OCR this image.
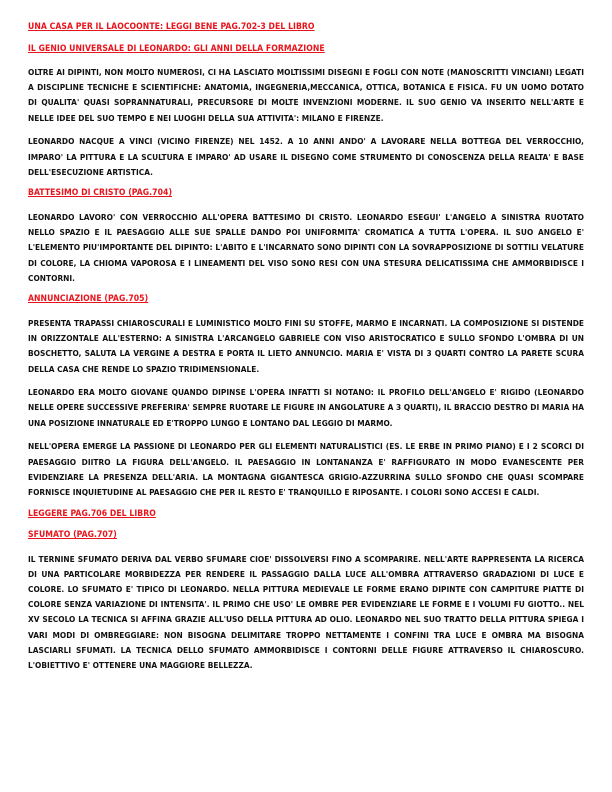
UNA CASA PER IL LAOCOONTE: LEGGI BENE PAG.702-3 DEL LIBRO
IL GENIO UNIVERSALE DI LEONARDO: GLI ANNI DELLA FORMAZIONE

OLTRE AI DIPINTI, NON MOLTO NUMEROSI, CI HA LASCIATO MOLTISSIMI DISEGNI E FOGLI CON NOTE (MANOSCRITTI VINCIANI) LEGATI A DISCIPLINE TECNICHE E SCIENTIFICHE: ANATOMIA, INGEGNERIA,MECCANICA, OTTICA, BOTANICA E FISICA. FU UN UOMO DOTATO DI QUALITA' QUASI SOPRANNATURALI, PRECURSORE DI MOLTE INVENZIONI MODERNE. IL SUO GENIO VA INSERITO NELL'ARTE E NELLE IDEE DEL SUO TEMPO E NEI LUOGHI DELLA SUA ATTIVITA': MILANO E FIRENZE.

LEONARDO NACQUE A VINCI (VICINO FIRENZE) NEL 1452. A 10 ANNI ANDO' A LAVORARE NELLA BOTTEGA DEL VERROCCHIO, IMPARO' LA PITTURA E LA SCULTURA E IMPARO' AD USARE IL DISEGNO COME STRUMENTO DI CONOSCENZA DELLA REALTA' E BASE DELL'ESECUZIONE ARTISTICA.

BATTESIMO DI CRISTO (PAG.704)

LEONARDO LAVORO' CON VERROCCHIO ALL'OPERA BATTESIMO DI CRISTO. LEONARDO ESEGUI' L'ANGELO A SINISTRA RUOTATO NELLO SPAZIO E IL PAESAGGIO ALLE SUE SPALLE DANDO POI UNIFORMITA' CROMATICA A TUTTA L'OPERA. IL SUO ANGELO E' L'ELEMENTO PIU'IMPORTANTE DEL DIPINTO: L'ABITO E L'INCARNATO SONO DIPINTI CON LA SOVRAPPOSIZIONE DI SOTTILI VELATURE DI COLORE, LA CHIOMA VAPOROSA E I LINEAMENTI DEL VISO SONO RESI CON UNA STESURA DELICATISSIMA CHE AMMORBIDISCE I CONTORNI.

ANNUNCIAZIONE (PAG.705)

PRESENTA TRAPASSI CHIAROSCURALI E LUMINISTICO MOLTO FINI SU STOFFE, MARMO E INCARNATI. LA COMPOSIZIONE SI DISTENDE IN ORIZZONTALE ALL'ESTERNO: A SINISTRA L'ARCANGELO GABRIELE CON VISO ARISTOCRATICO E SULLO SFONDO L'OMBRA DI UN BOSCHETTO, SALUTA LA VERGINE A DESTRA E PORTA IL LIETO ANNUNCIO. MARIA E' VISTA DI 3 QUARTI CONTRO LA PARETE SCURA DELLA CASA CHE RENDE LO SPAZIO TRIDIMENSIONALE.

LEONARDO ERA MOLTO GIOVANE QUANDO DIPINSE L'OPERA INFATTI SI NOTANO: IL PROFILO DELL'ANGELO E' RIGIDO (LEONARDO NELLE OPERE SUCCESSIVE PREFERIRA' SEMPRE RUOTARE LE FIGURE IN ANGOLATURE A 3 QUARTI), IL BRACCIO DESTRO DI MARIA HA UNA POSIZIONE INNATURALE ED E'TROPPO LUNGO E LONTANO DAL LEGGIO DI MARMO.

NELL'OPERA EMERGE LA PASSIONE DI LEONARDO PER GLI ELEMENTI NATURALISTICI (ES. LE ERBE IN PRIMO PIANO) E I 2 SCORCI DI PAESAGGIO DIITRO LA FIGURA DELL'ANGELO. IL PAESAGGIO IN LONTANANZA E' RAFFIGURATO IN MODO EVANESCENTE PER EVIDENZIARE LA PRESENZA DELL'ARIA. LA MONTAGNA GIGANTESCA GRIGIO-AZZURRINA SULLO SFONDO CHE QUASI SCOMPARE FORNISCE INQUIETUDINE AL PAESAGGIO CHE PER IL RESTO E' TRANQUILLO E RIPOSANTE. I COLORI SONO ACCESI E CALDI.

LEGGERE PAG.706 DEL LIBRO
SFUMATO (PAG.707)

IL TERNINE SFUMATO DERIVA DAL VERBO SFUMARE CIOE' DISSOLVERSI FINO A SCOMPARIRE. NELL'ARTE RAPPRESENTA LA RICERCA DI UNA PARTICOLARE MORBIDEZZA PER RENDERE IL PASSAGGIO DALLA LUCE ALL'OMBRA ATTRAVERSO GRADAZIONI DI LUCE E COLORE. LO SFUMATO E' TIPICO DI LEONARDO. NELLA PITTURA MEDIEVALE LE FORME ERANO DIPINTE CON CAMPITURE PIATTE DI COLORE SENZA VARIAZIONE DI INTENSITA'. IL PRIMO CHE USO' LE OMBRE PER EVIDENZIARE LE FORME E I VOLUMI FU GIOTTO.. NEL XV SECOLO LA TECNICA SI AFFINA GRAZIE ALL'USO DELLA PITTURA AD OLIO. LEONARDO NEL SUO TRATTO DELLA PITTURA SPIEGA I VARI MODI DI OMBREGGIARE: NON BISOGNA DELIMITARE TROPPO NETTAMENTE I CONFINI TRA LUCE E OMBRA MA BISOGNA LASCIARLI SFUMATI. LA TECNICA DELLO SFUMATO AMMORBIDISCE I CONTORNI DELLE FIGURE ATTRAVERSO IL CHIAROSCURO. L'OBIETTIVO E' OTTENERE UNA MAGGIORE BELLEZZA.
